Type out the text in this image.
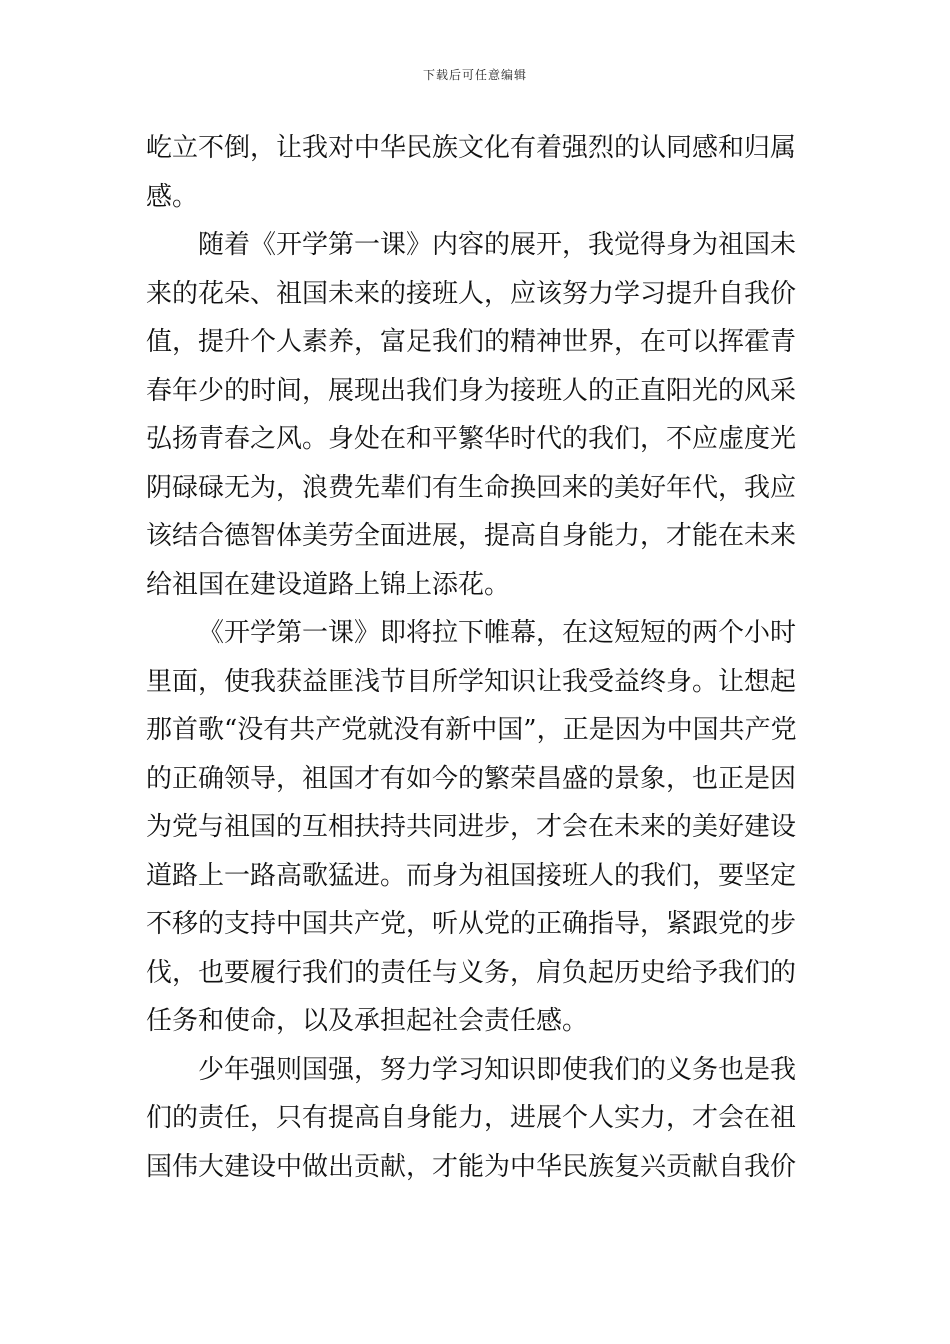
下载后可任意编辑

屹立不倒，让我对中华民族文化有着强烈的认同感和归属感。

随着《开学第一课》内容的展开，我觉得身为祖国未来的花朵、祖国未来的接班人，应该努力学习提升自我价值，提升个人素养，富足我们的精神世界，在可以挥霍青春年少的时间，展现出我们身为接班人的正直阳光的风采弘扬青春之风。身处在和平繁华时代的我们，不应虚度光阴碌碌无为，浪费先辈们有生命换回来的美好年代，我应该结合德智体美劳全面进展，提高自身能力，才能在未来给祖国在建设道路上锦上添花。

《开学第一课》即将拉下帷幕，在这短短的两个小时里面，使我获益匪浅节目所学知识让我受益终身。让想起那首歌“没有共产党就没有新中国”，正是因为中国共产党的正确领导，祖国才有如今的繁荣昌盛的景象，也正是因为党与祖国的互相扶持共同进步，才会在未来的美好建设道路上一路高歌猛进。而身为祖国接班人的我们，要坚定不移的支持中国共产党，听从党的正确指导，紧跟党的步伐，也要履行我们的责任与义务，肩负起历史给予我们的任务和使命，以及承担起社会责任感。

少年强则国强，努力学习知识即使我们的义务也是我们的责任，只有提高自身能力，进展个人实力，才会在祖国伟大建设中做出贡献，才能为中华民族复兴贡献自我价
